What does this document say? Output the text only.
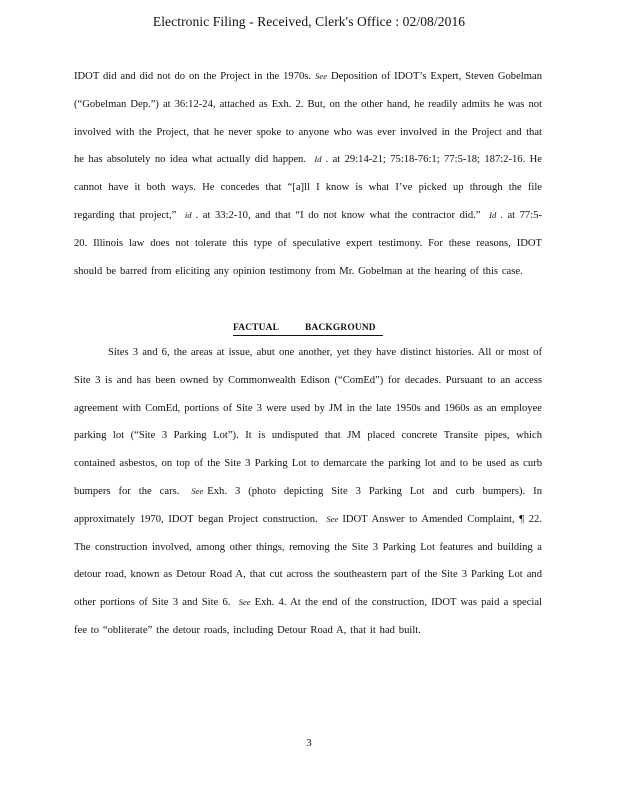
Electronic Filing - Received, Clerk's Office : 02/08/2016
IDOT did and did not do on the Project in the 1970s. See Deposition of IDOT’s Expert, Steven Gobelman (“Gobelman Dep.”) at 36:12-24, attached as Exh. 2. But, on the other hand, he readily admits he was not involved with the Project, that he never spoke to anyone who was ever involved in the Project and that he has absolutely no idea what actually did happen. Id . at 29:14-21; 75:18-76:1; 77:5-18; 187:2-16. He cannot have it both ways. He concedes that “[a]ll I know is what I’ve picked up through the file regarding that project,” id . at 33:2-10, and that “I do not know what the contractor did.” Id . at 77:5-20. Illinois law does not tolerate this type of speculative expert testimony. For these reasons, IDOT should be barred from eliciting any opinion testimony from Mr. Gobelman at the hearing of this case.
FACTUAL	BACKGROUND
Sites 3 and 6, the areas at issue, abut one another, yet they have distinct histories. All or most of Site 3 is and has been owned by Commonwealth Edison (“ComEd”) for decades. Pursuant to an access agreement with ComEd, portions of Site 3 were used by JM in the late 1950s and 1960s as an employee parking lot (“Site 3 Parking Lot”). It is undisputed that JM placed concrete Transite pipes, which contained asbestos, on top of the Site 3 Parking Lot to demarcate the parking lot and to be used as curb bumpers for the cars. See Exh. 3 (photo depicting Site 3 Parking Lot and curb bumpers). In approximately 1970, IDOT began Project construction. See IDOT Answer to Amended Complaint, ¶ 22. The construction involved, among other things, removing the Site 3 Parking Lot features and building a detour road, known as Detour Road A, that cut across the southeastern part of the Site 3 Parking Lot and other portions of Site 3 and Site 6. See Exh. 4. At the end of the construction, IDOT was paid a special fee to “obliterate” the detour roads, including Detour Road A, that it had built.
3
